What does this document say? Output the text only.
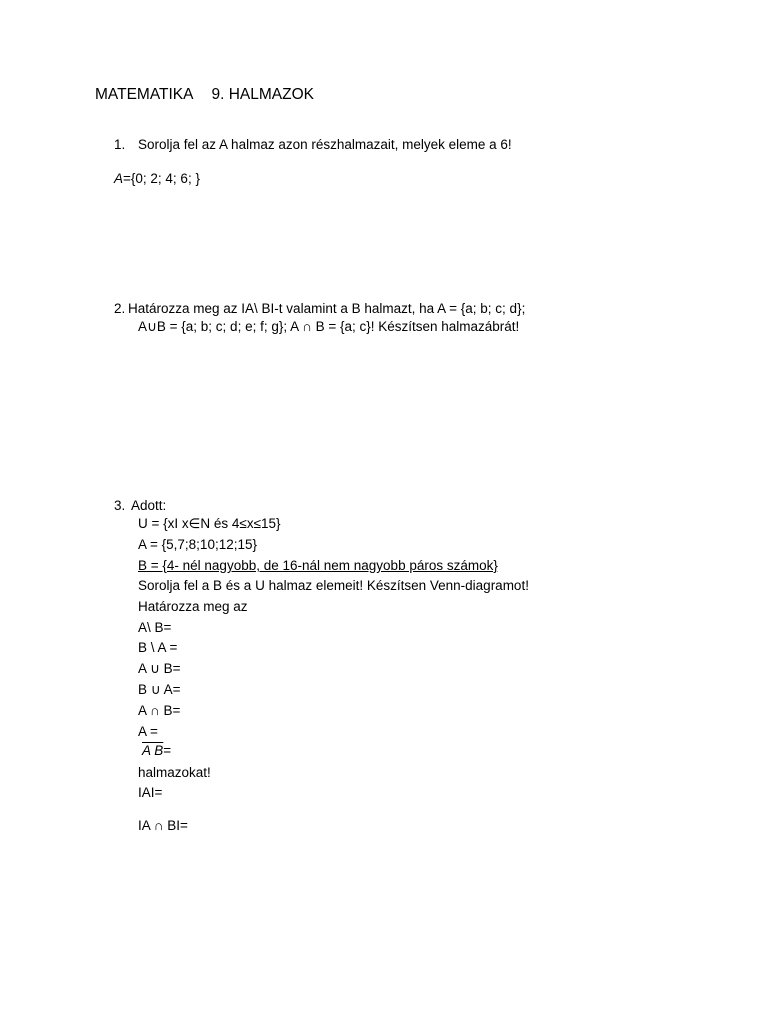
MATEMATIKA 9. HALMAZOK
1. Sorolja fel az A halmaz azon részhalmazait, melyek eleme a 6!
A={0; 2; 4; 6; }
2. Határozza meg az IA\ BI-t valamint a B halmazt, ha A = {a; b; c; d};
A∪B = {a; b; c; d; e; f; g}; A ∩ B = {a; c}! Készítsen halmazábrát!
3. Adott:
U = {xI x∈N és 4≤x≤15}
A = {5,7;8;10;12;15}
B = {4- nél nagyobb, de 16-nál nem nagyobb páros számok}
Sorolja fel a B és a U halmaz elemeit! Készítsen Venn-diagramot!
Határozza meg az
A\ B=
B \ A =
A ∪ B=
B ∪ A=
A ∩ B=
A =
A B=
halmazokat!
IAI=
IA ∩ BI=
